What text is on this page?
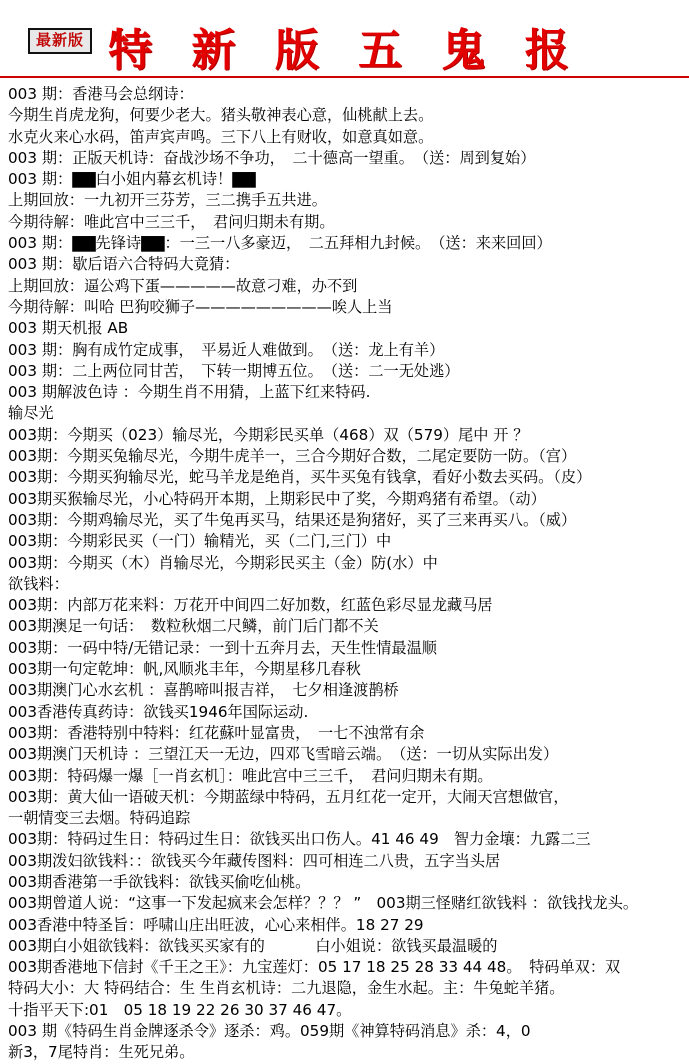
最新版 特 新 版 五 鬼 报
003 期：香港马会总纲诗：
今期生肖虎龙狗，何要少老大。猪头敬神表心意，仙桃献上去。
水克火来心水码，笛声宾声鸣。三下八上有财收，如意真如意。
003 期：正版天机诗：奋战沙场不争功，　二十德高一望重。　（送：周到复始）
003 期：▇▇白小姐内幕玄机诗！▇▇
上期回放：一九初开三芬芳，三二携手五共进。
今期待解：唯此宫中三三千，　君问归期未有期。
003 期：▇▇先锋诗▇▇：一三一八多豪迈，　二五拜相九封候。　（送：来来回回）
003 期：歇后语六合特码大竟猜：
上期回放：逼公鸡下蛋—————故意刁难，办不到
今期待解：叫哈 巴狗咬狮子—————————唉人上当
003 期天机报 AB
003 期：胸有成竹定成事，　平易近人难做到。　（送：龙上有羊）
003 期：二上两位同甘苦，　下转一期博五位。　（送：二一无处逃）
003 期解波色诗 ：今期生肖不用猜，上蓝下红来特码.
输尽光
003期：今期买（023）输尽光，今期彩民买单（468）双（579）尾中 开 ？
003期：今期买兔输尽光，今期牛虎羊一，三合今期好合数，二尾定要防一防。（宫）
003期：今期买狗输尽光，蛇马羊龙是绝肖，买牛买兔有钱拿，看好小数去买码。（皮）
003期买猴输尽光，小心特码开本期，上期彩民中了奖，今期鸡猪有希望。（动）
003期：今期鸡输尽光，买了牛兔再买马，结果还是狗猪好，买了三来再买八。（威）
003期：今期彩民买（一门）输精光，买（二门,三门）中
003期：今期买（木）肖输尽光，今期彩民买主（金）防(水）中
欲钱料：
003期：内部万花来料：万花开中间四二好加数，红蓝色彩尽显龙藏马居
003期澳足一句话：　数粒秋烟二尺鳞，前门后门都不关
003期：一码中特/无错记录：一到十五奔月去，天生性情最温顺
003期一句定乾坤：帆,风顺兆丰年，今期星移几春秋
003期澳门心水玄机 ：喜鹊啼叫报吉祥，　七夕相逢渡鹊桥
003香港传真药诗：欲钱买1946年国际运动.
003期：香港特别中特料：红花蘇叶显富贵，　一七不浊常有余
003期澳门天机诗 ：三望江天一无边，四邓飞雪暗云端。　（送：一切从实际出发）
003期：特码爆一爆［一肖玄机］：唯此宫中三三千，　君问归期未有期。
003期：黄大仙一语破天机：今期蓝绿中特码，五月红花一定开，大闹天宫想做官，
一朝情变三去烟。特码追踪
003期：特码过生日：特码过生日：欲钱买出口伤人。41 46 49　智力金壤：九露二三
003期泼妇欲钱料：：欲钱买今年藏传图料：四可相连二八贵，五字当头居
003期香港第一手欲钱料：欲钱买偷吃仙桃。
003期曾道人说：“这事一下发起疯来会怎样？？？ ”　003期三怪赌红欲钱料 ：欲钱找龙头。
003香港中特圣旨：呼啸山庄出旺波，心心来相伴。18 27 29
003期白小姐欲钱料：欲钱买买家有的 　　　白小姐说：欲钱买最温暖的
003期香港地下信封《千王之王》：九宝莲灯：05 17 18 25 28 33 44 48。　特码单双：双
特码大小：大 特码结合：生 生肖玄机诗：二九退隐，金生水起。主：牛兔蛇羊猪。
十指平天下:01　05 18 19 22 26 30 37 46 47。
003 期《特码生肖金牌逐杀令》逐杀：鸡。059期《神算特码消息》杀：4，0
新3，7尾特肖：生死兄弟。
